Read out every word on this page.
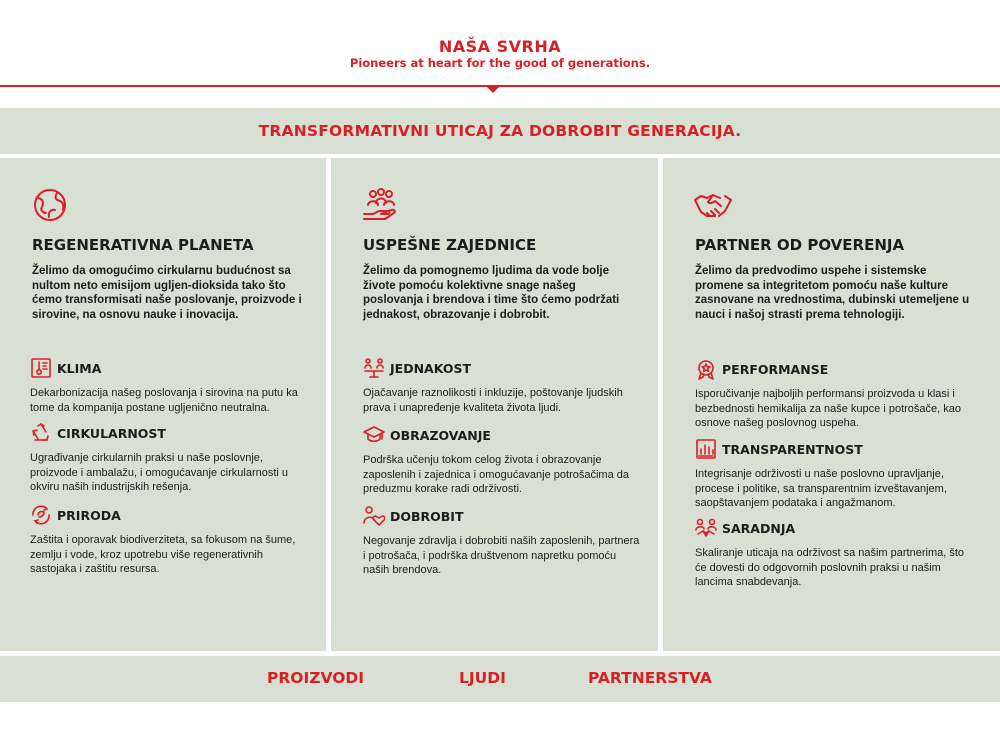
NAŠA SVRHA
Pioneers at heart for the good of generations.
TRANSFORMATIVNI UTICAJ ZA DOBROBIT GENERACIJA.
REGENERATIVNA PLANETA
Želimo da omogućimo cirkularnu budućnost sa nultom neto emisijom ugljen-dioksida tako što ćemo transformisati naše poslovanje, proizvode i sirovine, na osnovu nauke i inovacija.
KLIMA
Dekarbonizacija našeg poslovanja i sirovina na putu ka tome da kompanija postane ugljenično neutralna.
CIRKULARNOST
Ugrađivanje cirkularnih praksi u naše poslovnje, proizvode i ambalažu, i omogućavanje cirkularnosti u okviru naših industrijskih rešenja.
PRIRODA
Zaštita i oporavak biodiverziteta, sa fokusom na šume, zemlju i vode, kroz upotrebu više regenerativnih sastojaka i zaštitu resursa.
USPEŠNE ZAJEDNICE
Želimo da pomognemo ljudima da vode bolje živote pomoću kolektivne snage našeg poslovanja i brendova i time što ćemo podržati jednakost, obrazovanje i dobrobit.
JEDNAKOST
Ojačavanje raznolikosti i inkluzije, poštovanje ljudskih prava i unapređenje kvaliteta života ljudi.
OBRAZOVANJE
Podrška učenju tokom celog života i obrazovanje zaposlenih i zajednica i omogućavanje potrošačima da preduzmu korake radi održivosti.
DOBROBIT
Negovanje zdravlja i dobrobiti naših zaposlenih, partnera i potrošača, i podrška društvenom napretku pomoću naših brendova.
PARTNER OD POVERENJA
Želimo da predvodimo uspehe i sistemske promene sa integritetom pomoću naše kulture zasnovane na vrednostima, dubinski utemeljene u nauci i našoj strasti prema tehnologiji.
PERFORMANSE
Isporučivanje najboljih performansi proizvoda u klasi i bezbednosti hemikalija za naše kupce i potrošače, kao osnove našeg poslovnog uspeha.
TRANSPARENTNOST
Integrisanje održivosti u naše poslovno upravljanje, procese i politike, sa transparentnim izveštavanjem, saopštavanjem podataka i angažmanom.
SARADNJA
Skaliranje uticaja na održivost sa našim partnerima, što će dovesti do odgovornih poslovnih praksi u našim lancima snabdevanja.
PROIZVODI	LJUDI	PARTNERSTVA
